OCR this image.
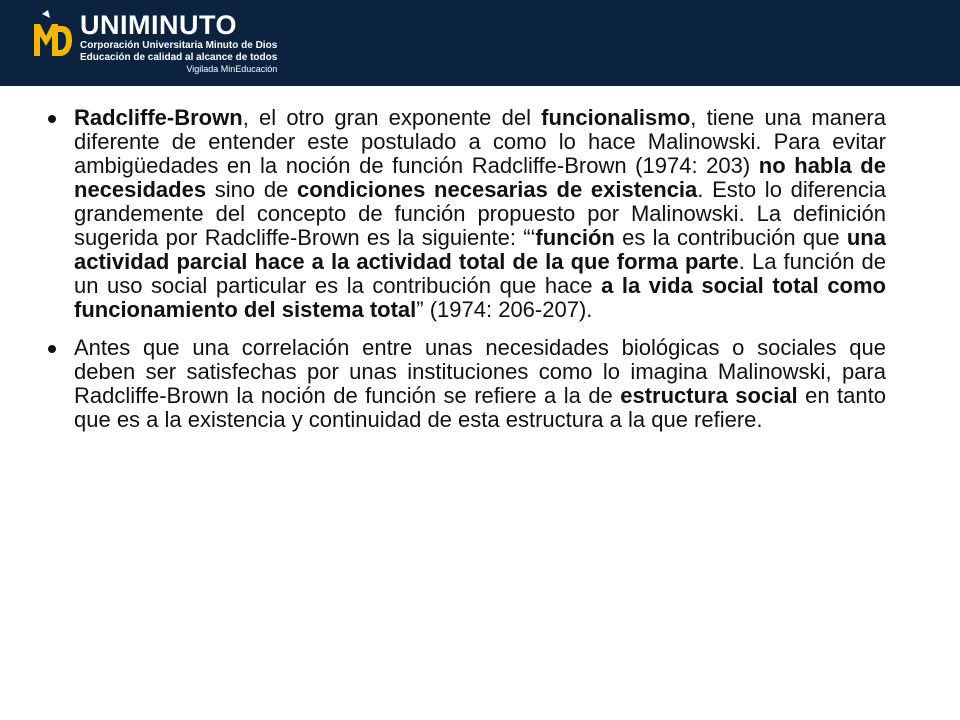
UNIMINUTO
Corporación Universitaria Minuto de Dios
Educación de calidad al alcance de todos
Vigilada MinEducación
Radcliffe-Brown, el otro gran exponente del funcionalismo, tiene una manera diferente de entender este postulado a como lo hace Malinowski. Para evitar ambigüedades en la noción de función Radcliffe-Brown (1974: 203) no habla de necesidades sino de condiciones necesarias de existencia. Esto lo diferencia grandemente del concepto de función propuesto por Malinowski. La definición sugerida por Radcliffe-Brown es la siguiente: “‘función es la contribución que una actividad parcial hace a la actividad total de la que forma parte. La función de un uso social particular es la contribución que hace a la vida social total como funcionamiento del sistema total” (1974: 206-207).
Antes que una correlación entre unas necesidades biológicas o sociales que deben ser satisfechas por unas instituciones como lo imagina Malinowski, para Radcliffe-Brown la noción de función se refiere a la de estructura social en tanto que es a la existencia y continuidad de esta estructura a la que refiere.
